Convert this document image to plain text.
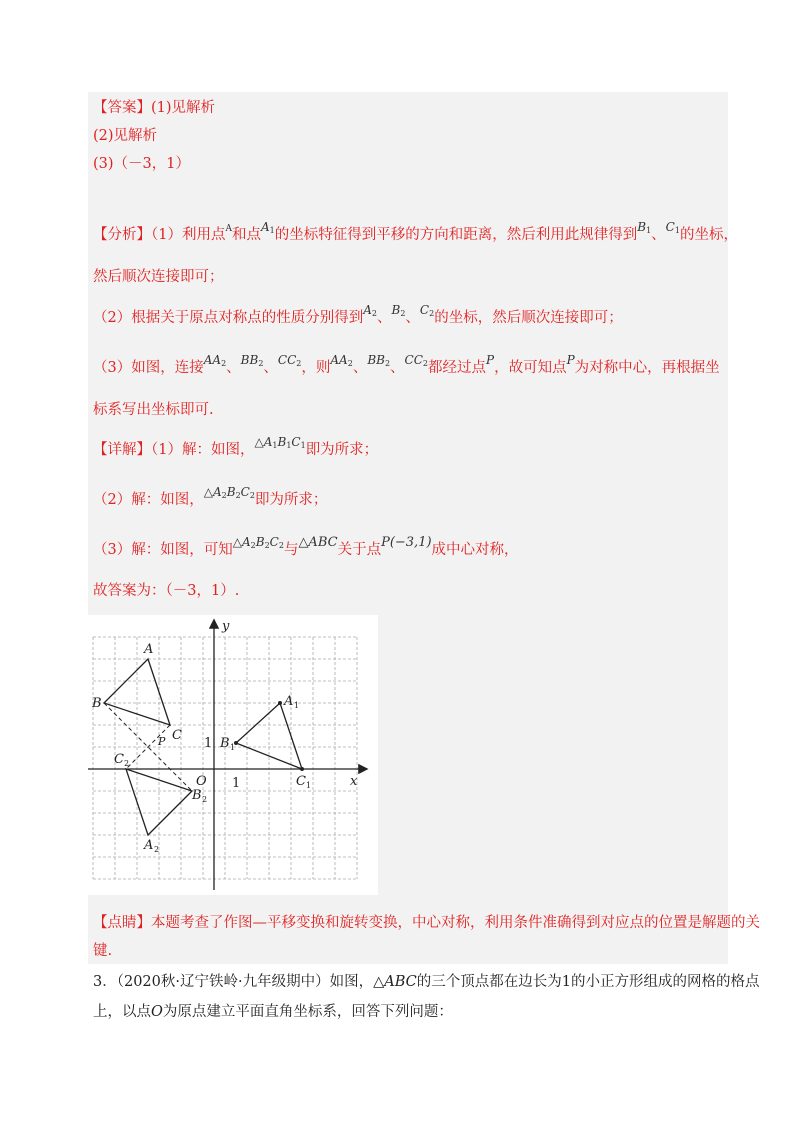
【答案】(1)见解析
(2)见解析
(3)（－3，1）
【分析】（1）利用点$^A$和点$^{A_1}$的坐标特征得到平移的方向和距离，然后利用此规律得到$^{B_1}$、$^{C_1}$的坐标，
然后顺次连接即可；
（2）根据关于原点对称点的性质分别得到$^{A_2}$、$^{B_2}$、$^{C_2}$的坐标，然后顺次连接即可；
（3）如图，连接$^{AA_2}$、$^{BB_2}$、$^{CC_2}$，则$^{AA_2}$、$^{BB_2}$、$^{CC_2}$都经过点$^P$，故可知点$^P$为对称中心，再根据坐
标系写出坐标即可.
【详解】（1）解：如图，$^{\triangle A_1B_1C_1}$即为所求；
（2）解：如图，$^{\triangle A_2B_2C_2}$即为所求；
（3）解：如图，可知$^{\triangle A_2B_2C_2}$与△ABC关于点P(−3,1)成中心对称，
故答案为：（－3，1）.
y
x
O
A
B
C
P
A 1
B 1
C 1
A 2
B 2
C 2
1
1
【点睛】本题考查了作图—平移变换和旋转变换，中心对称，利用条件准确得到对应点的位置是解题的关
键.
3．（2020秋·辽宁铁岭·九年级期中）如图，△ABC的三个顶点都在边长为1的小正方形组成的网格的格点
上，以点O为原点建立平面直角坐标系，回答下列问题：
